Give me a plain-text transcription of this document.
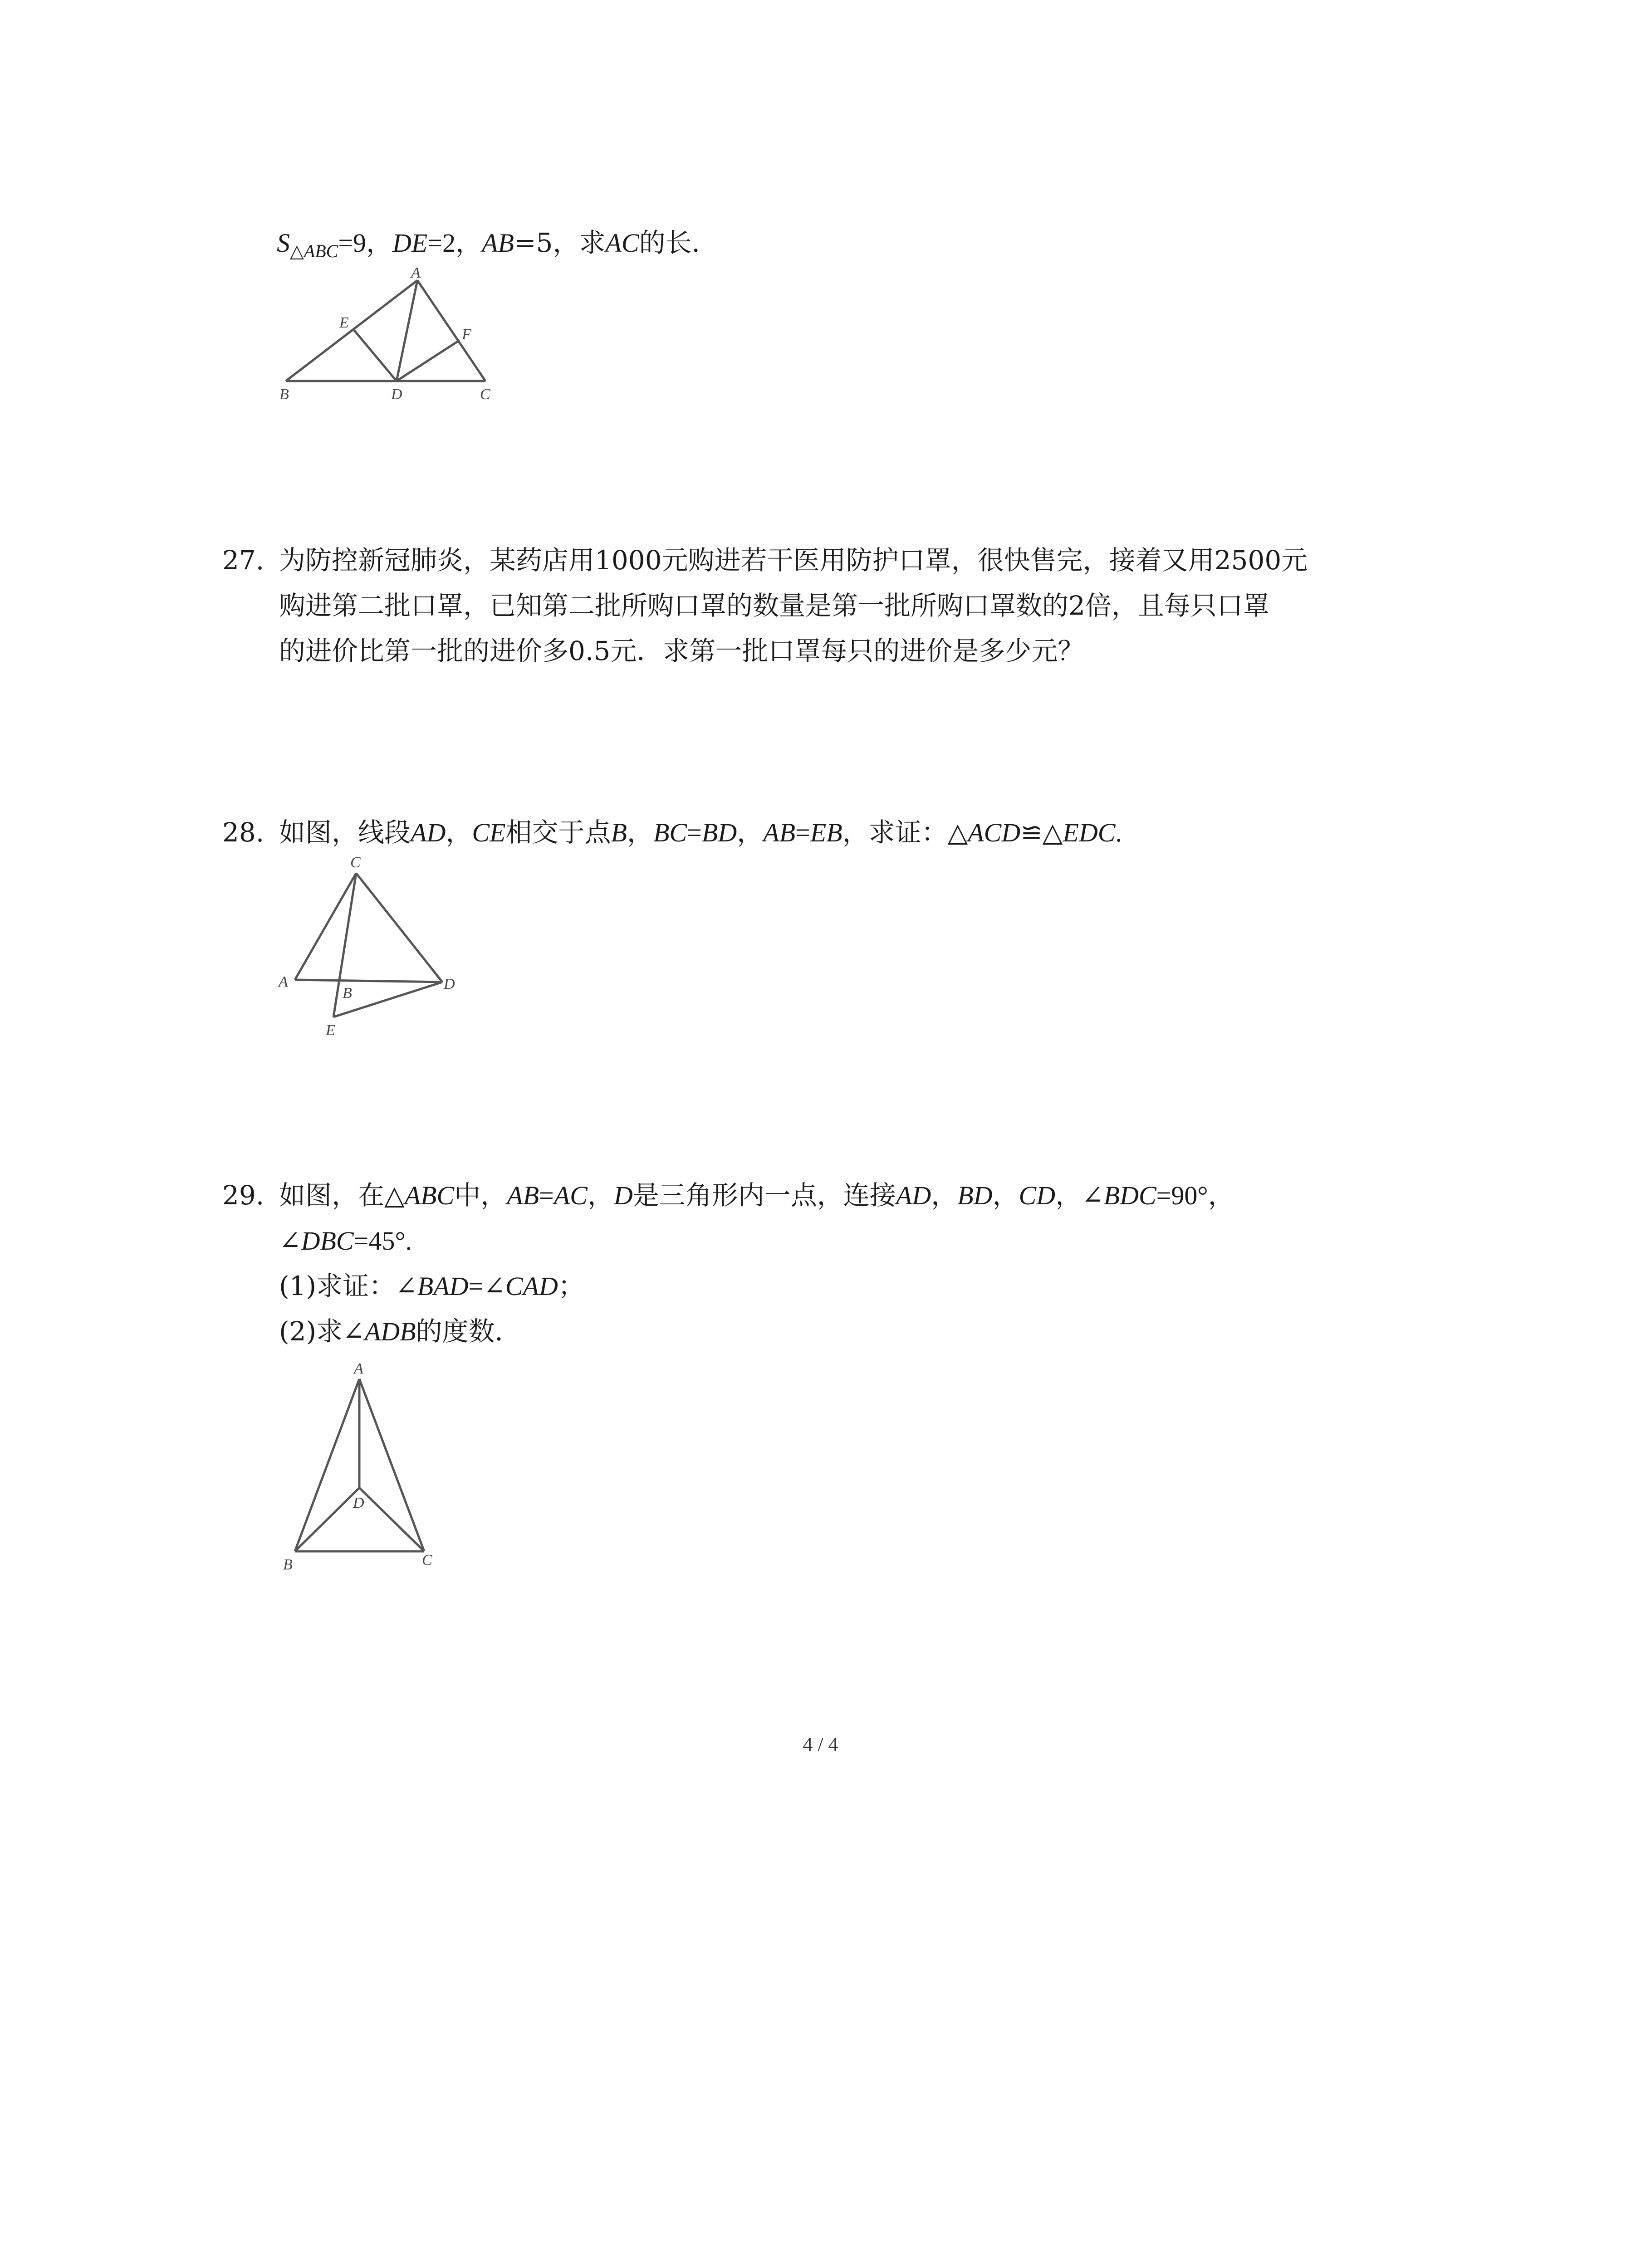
$S_{\triangle ABC}=9$，DE=2，AB=5，求AC的长．
A
E
F
B	D	C
27. 为防控新冠肺炎，某药店用1000元购进若干医用防护口罩，很快售完，接着又用2500元
购进第二批口罩，已知第二批所购口罩的数量是第一批所购口罩数的2倍，且每只口罩
的进价比第一批的进价多0.5元．求第一批口罩每只的进价是多少元？
28. 如图，线段AD，CE相交于点B，BC=BD，AB=EB，求证：△ACD≌△EDC.
C
A
B
D
E
29. 如图，在△ABC中，AB=AC，D是三角形内一点，连接AD，BD，CD，∠BDC=90°，
∠DBC=45°.
(1)求证：∠BAD=∠CAD；
(2)求∠ADB的度数．
A
D
B	C
4 / 4
